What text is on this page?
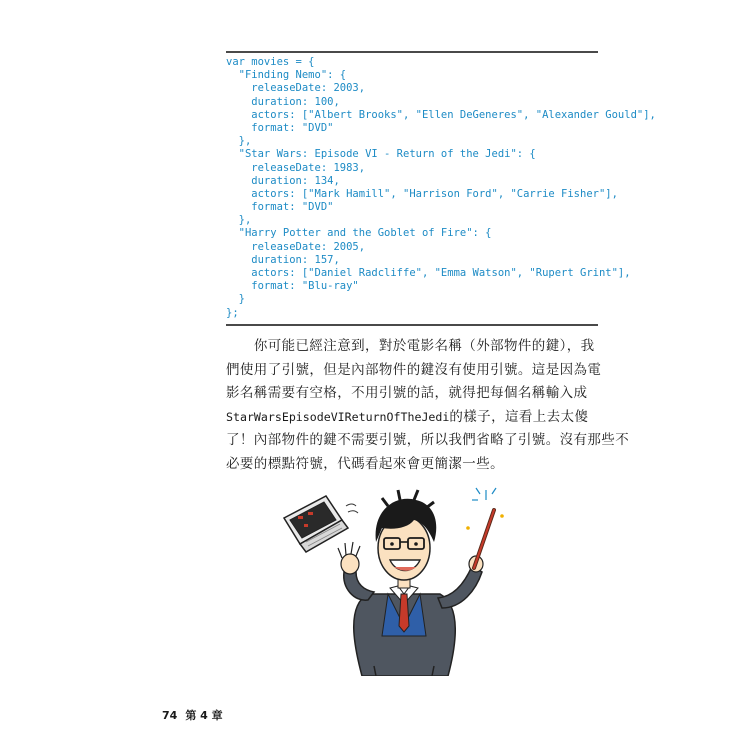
var movies = {
"Finding Nemo": {
releaseDate: 2003,
duration: 100,
actors: ["Albert Brooks", "Ellen DeGeneres", "Alexander Gould"],
format: "DVD"
},
"Star Wars: Episode VI - Return of the Jedi": {
releaseDate: 1983,
duration: 134,
actors: ["Mark Hamill", "Harrison Ford", "Carrie Fisher"],
format: "DVD"
},
"Harry Potter and the Goblet of Fire": {
releaseDate: 2005,
duration: 157,
actors: ["Daniel Radcliffe", "Emma Watson", "Rupert Grint"],
format: "Blu-ray"
}
};
　　你可能已經注意到，對於電影名稱（外部物件的鍵），我
們使用了引號，但是內部物件的鍵沒有使用引號。這是因為電
影名稱需要有空格，不用引號的話，就得把每個名稱輸入成
StarWarsEpisodeVIReturnOfTheJedi的樣子，這看上去太傻
了！內部物件的鍵不需要引號，所以我們省略了引號。沒有那些不
必要的標點符號，代碼看起來會更簡潔一些。
74 第 4 章
